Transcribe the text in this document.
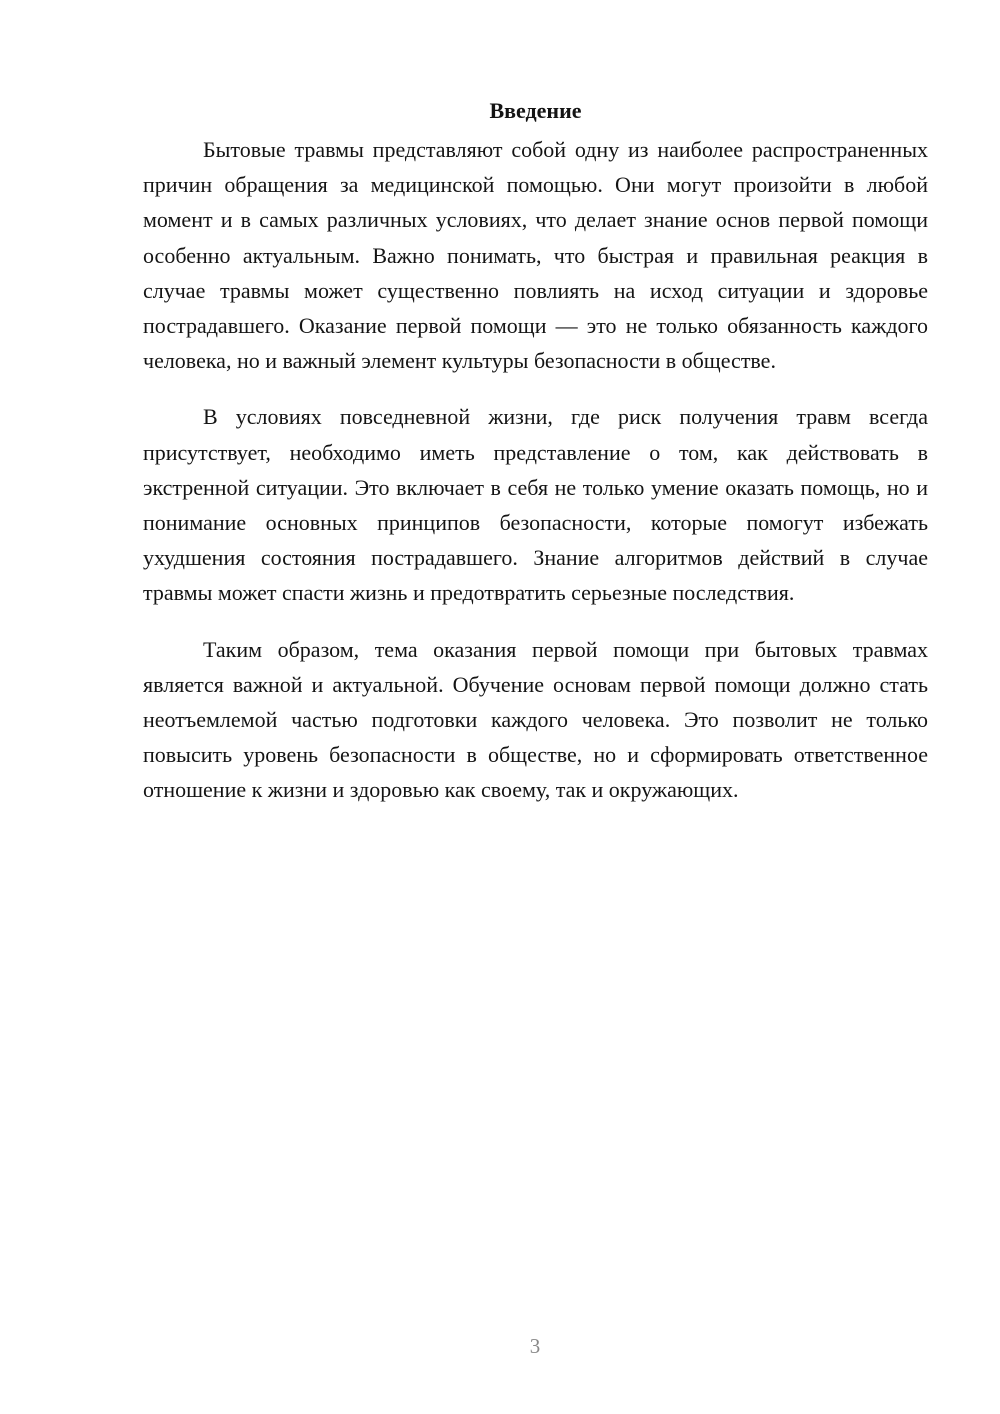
Введение

Бытовые травмы представляют собой одну из наиболее распространенных причин обращения за медицинской помощью. Они могут произойти в любой момент и в самых различных условиях, что делает знание основ первой помощи особенно актуальным. Важно понимать, что быстрая и правильная реакция в случае травмы может существенно повлиять на исход ситуации и здоровье пострадавшего. Оказание первой помощи — это не только обязанность каждого человека, но и важный элемент культуры безопасности в обществе.

В условиях повседневной жизни, где риск получения травм всегда присутствует, необходимо иметь представление о том, как действовать в экстренной ситуации. Это включает в себя не только умение оказать помощь, но и понимание основных принципов безопасности, которые помогут избежать ухудшения состояния пострадавшего. Знание алгоритмов действий в случае травмы может спасти жизнь и предотвратить серьезные последствия.

Таким образом, тема оказания первой помощи при бытовых травмах является важной и актуальной. Обучение основам первой помощи должно стать неотъемлемой частью подготовки каждого человека. Это позволит не только повысить уровень безопасности в обществе, но и сформировать ответственное отношение к жизни и здоровью как своему, так и окружающих.

3
